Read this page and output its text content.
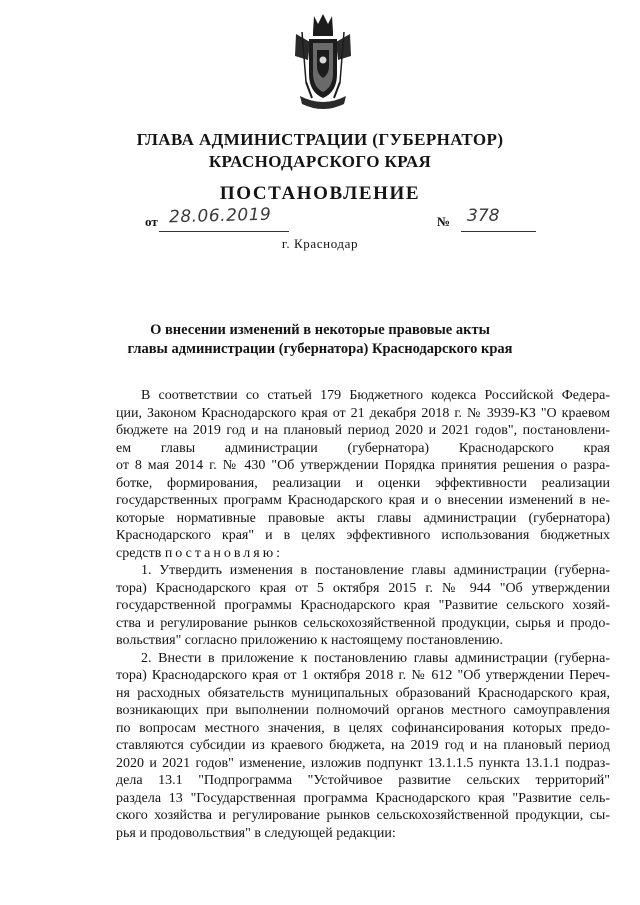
ГЛАВА АДМИНИСТРАЦИИ (ГУБЕРНАТОР)
КРАСНОДАРСКОГО КРАЯ
ПОСТАНОВЛЕНИЕ
от 28.06.2019	№ 378
г. Краснодар
О внесении изменений в некоторые правовые акты
главы администрации (губернатора) Краснодарского края
В соответствии со статьей 179 Бюджетного кодекса Российской Федера-
ции, Законом Краснодарского края от 21 декабря 2018 г. № 3939-КЗ "О краевом
бюджете на 2019 год и на плановый период 2020 и 2021 годов", постановлени-
ем главы администрации (губернатора) Краснодарского края
от 8 мая 2014 г. № 430 "Об утверждении Порядка принятия решения о разра-
ботке, формирования, реализации и оценки эффективности реализации
государственных программ Краснодарского края и о внесении изменений в не-
которые нормативные правовые акты главы администрации (губернатора)
Краснодарского края" и в целях эффективного использования бюджетных
средств постановляю:
1. Утвердить изменения в постановление главы администрации (губерна-
тора) Краснодарского края от 5 октября 2015 г. № 944 "Об утверждении
государственной программы Краснодарского края "Развитие сельского хозяй-
ства и регулирование рынков сельскохозяйственной продукции, сырья и продо-
вольствия" согласно приложению к настоящему постановлению.
2. Внести в приложение к постановлению главы администрации (губерна-
тора) Краснодарского края от 1 октября 2018 г. № 612 "Об утверждении Переч-
ня расходных обязательств муниципальных образований Краснодарского края,
возникающих при выполнении полномочий органов местного самоуправления
по вопросам местного значения, в целях софинансирования которых предо-
ставляются субсидии из краевого бюджета, на 2019 год и на плановый период
2020 и 2021 годов" изменение, изложив подпункт 13.1.1.5 пункта 13.1.1 подраз-
дела 13.1 "Подпрограмма "Устойчивое развитие сельских территорий"
раздела 13 "Государственная программа Краснодарского края "Развитие сель-
ского хозяйства и регулирование рынков сельскохозяйственной продукции, сы-
рья и продовольствия" в следующей редакции:
